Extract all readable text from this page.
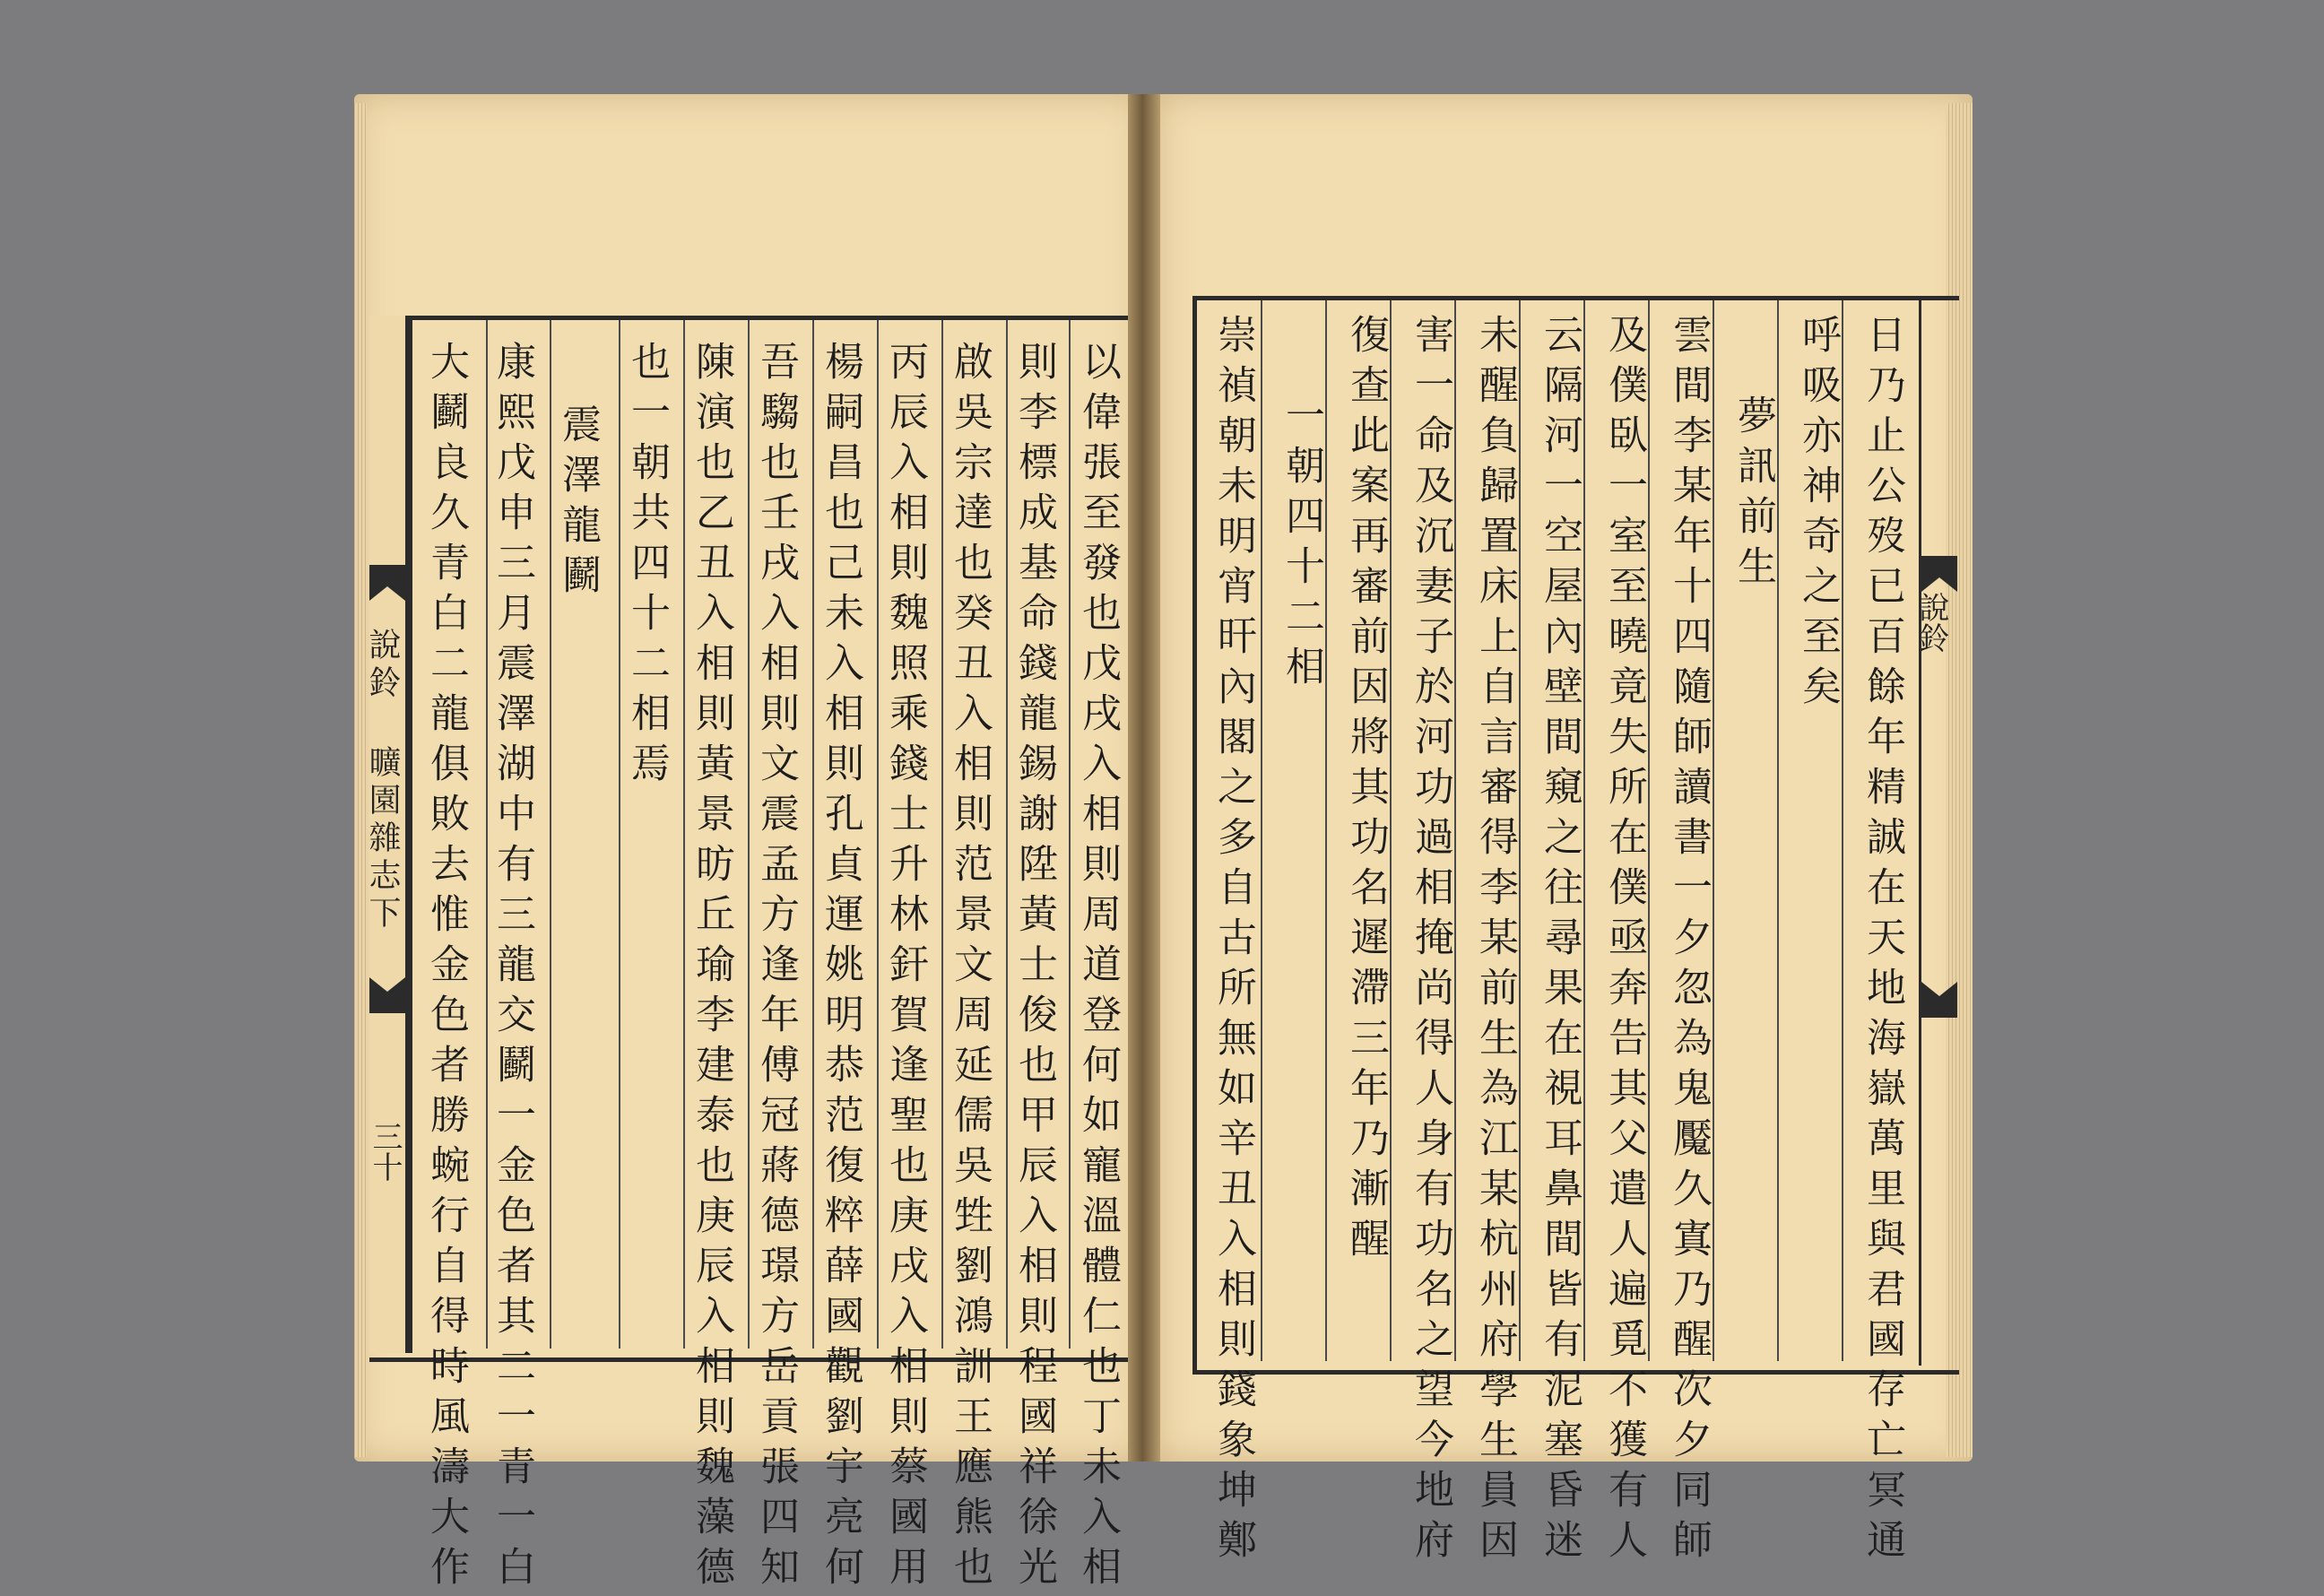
說鈴 曠園雜志下
三十	以偉張至發也戊戌入相則周道登何如寵溫體仁也丁未入相
則李標成基命錢龍錫謝陞黃士俊也甲辰入相則程國祥徐光
啟吳宗達也癸丑入相則范景文周延儒吳甡劉鴻訓王應熊也
丙辰入相則魏照乘錢士升林釬賀逢聖也庚戌入相則蔡國用
楊嗣昌也己未入相則孔貞運姚明恭范復粹薛國觀劉宇亮何
吾騶也壬戌入相則文震孟方逢年傅冠蔣德璟方岳貢張四知
陳演也乙丑入相則黃景昉丘瑜李建泰也庚辰入相則魏藻德
也一朝共四十二相焉
震澤龍鬬
康熙戊申三月震澤湖中有三龍交鬬一金色者其二一青一白
大鬬良久青白二龍俱敗去惟金色者勝蜿行自得時風濤大作	說鈴
日乃止公歿已百餘年精誠在天地海嶽萬里與君國存亡冥通
呼吸亦神奇之至矣
夢訊前生
雲間李某年十四隨師讀書一夕忽為鬼魘久寘乃醒次夕同師
及僕臥一室至曉竟失所在僕亟奔告其父遣人遍覓不獲有人
云隔河一空屋內壁間窺之往尋果在視耳鼻間皆有泥塞昏迷
未醒負歸置床上自言審得李某前生為江某杭州府學生員因
害一命及沉妻子於河功過相掩尚得人身有功名之望今地府
復查此案再審前因將其功名遲滯三年乃漸醒
一朝四十二相
崇禎朝未明宵旰內閣之多自古所無如辛丑入相則錢象坤鄭
